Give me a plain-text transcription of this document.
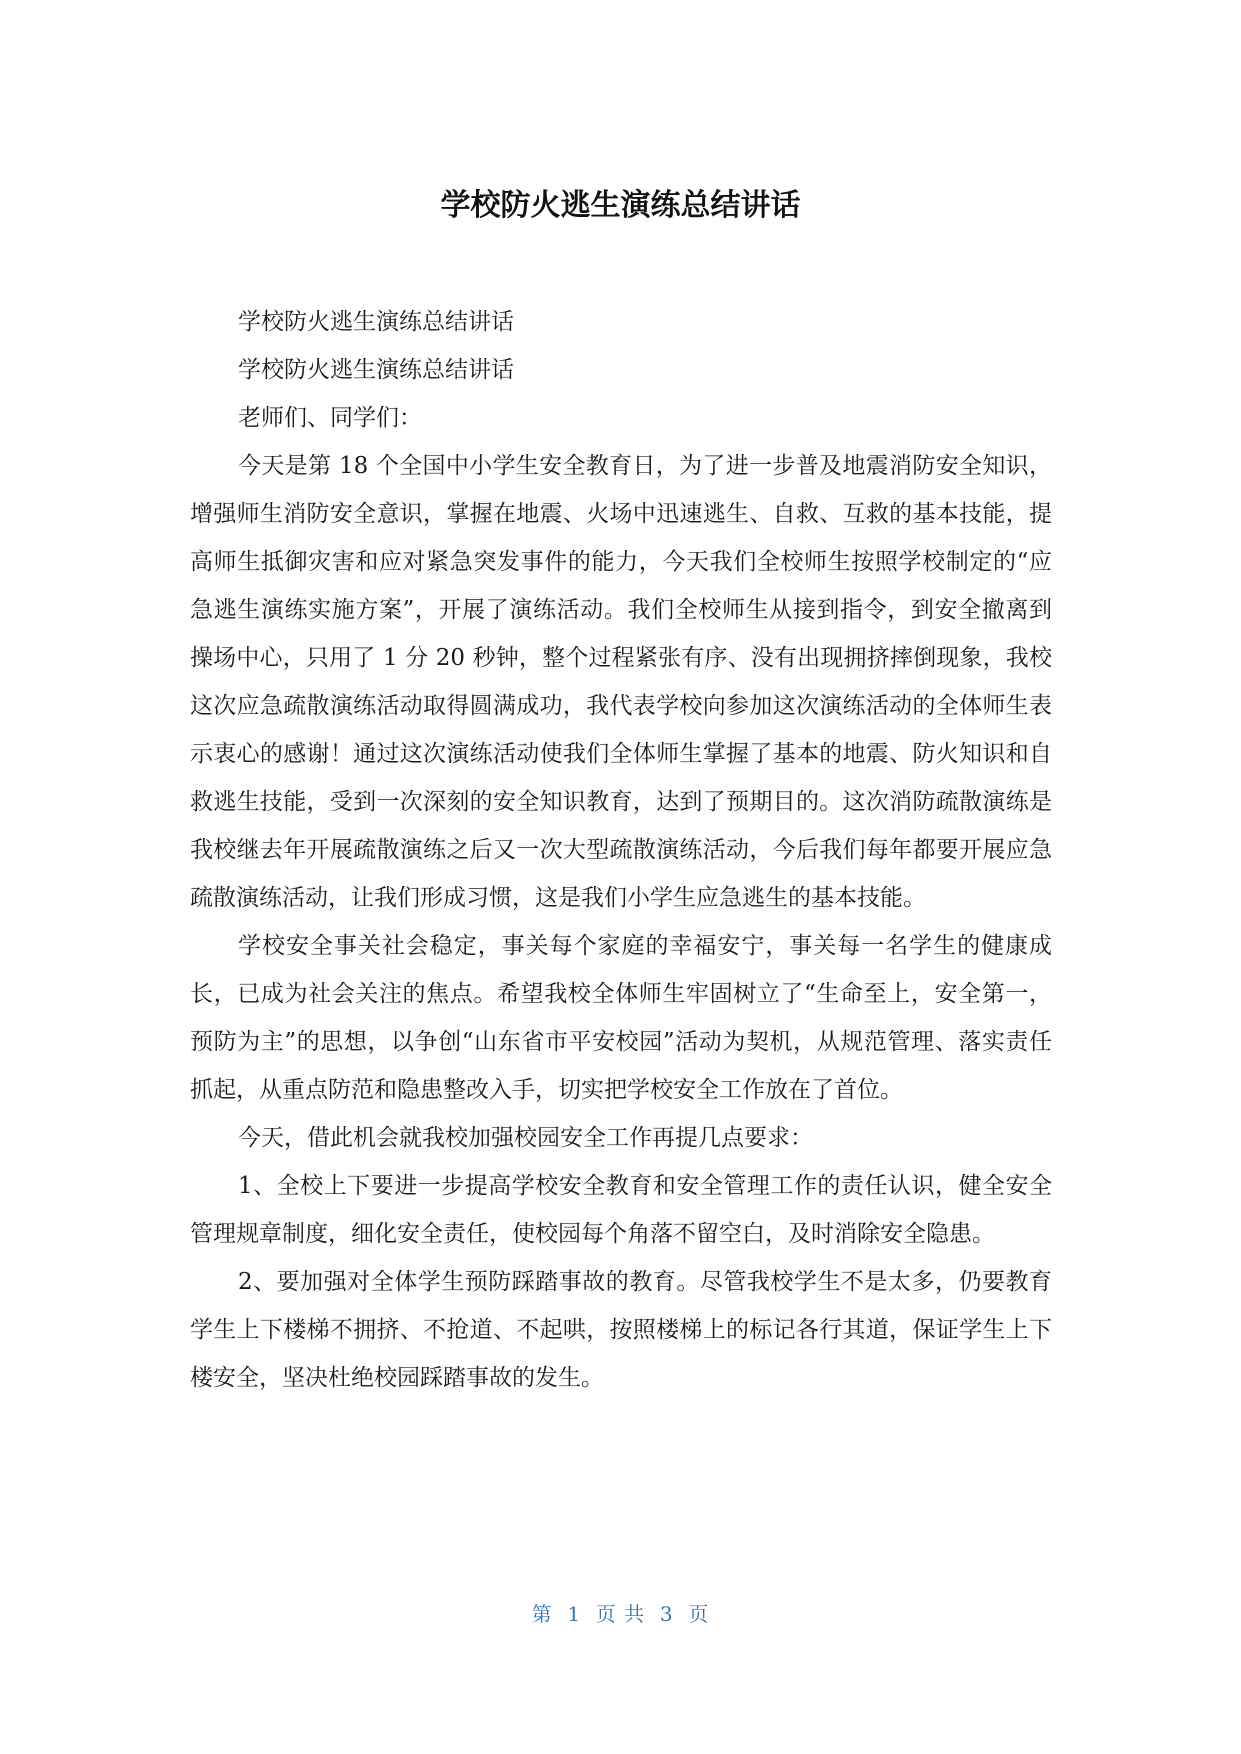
学校防火逃生演练总结讲话

学校防火逃生演练总结讲话

学校防火逃生演练总结讲话

老师们、同学们：

今天是第 18 个全国中小学生安全教育日，为了进一步普及地震消防安全知识，增强师生消防安全意识，掌握在地震、火场中迅速逃生、自救、互救的基本技能，提高师生抵御灾害和应对紧急突发事件的能力，今天我们全校师生按照学校制定的“应急逃生演练实施方案”，开展了演练活动。我们全校师生从接到指令，到安全撤离到操场中心，只用了 1 分 20 秒钟，整个过程紧张有序、没有出现拥挤摔倒现象，我校这次应急疏散演练活动取得圆满成功，我代表学校向参加这次演练活动的全体师生表示衷心的感谢！通过这次演练活动使我们全体师生掌握了基本的地震、防火知识和自救逃生技能，受到一次深刻的安全知识教育，达到了预期目的。这次消防疏散演练是我校继去年开展疏散演练之后又一次大型疏散演练活动，今后我们每年都要开展应急疏散演练活动，让我们形成习惯，这是我们小学生应急逃生的基本技能。

学校安全事关社会稳定，事关每个家庭的幸福安宁，事关每一名学生的健康成长，已成为社会关注的焦点。希望我校全体师生牢固树立了“生命至上，安全第一，预防为主”的思想，以争创“山东省市平安校园”活动为契机，从规范管理、落实责任抓起，从重点防范和隐患整改入手，切实把学校安全工作放在了首位。

今天，借此机会就我校加强校园安全工作再提几点要求：

1、全校上下要进一步提高学校安全教育和安全管理工作的责任认识，健全安全管理规章制度，细化安全责任，使校园每个角落不留空白，及时消除安全隐患。

2、要加强对全体学生预防踩踏事故的教育。尽管我校学生不是太多，仍要教育学生上下楼梯不拥挤、不抢道、不起哄，按照楼梯上的标记各行其道，保证学生上下楼安全，坚决杜绝校园踩踏事故的发生。

第  1  页 共  3  页
